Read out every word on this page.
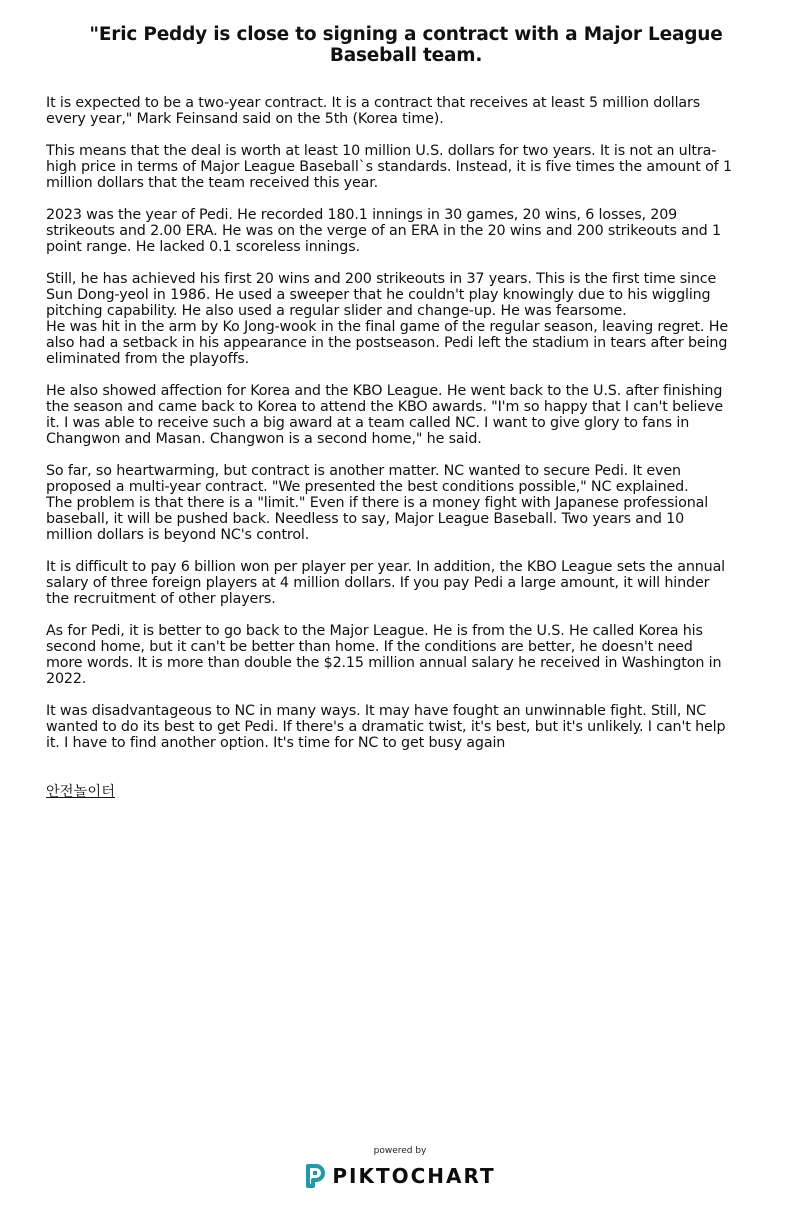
"Eric Peddy is close to signing a contract with a Major League
Baseball team.

It is expected to be a two-year contract. It is a contract that receives at least 5 million dollars
every year," Mark Feinsand said on the 5th (Korea time).

This means that the deal is worth at least 10 million U.S. dollars for two years. It is not an ultra-
high price in terms of Major League Baseball`s standards. Instead, it is five times the amount of 1
million dollars that the team received this year.

2023 was the year of Pedi. He recorded 180.1 innings in 30 games, 20 wins, 6 losses, 209
strikeouts and 2.00 ERA. He was on the verge of an ERA in the 20 wins and 200 strikeouts and 1
point range. He lacked 0.1 scoreless innings.

Still, he has achieved his first 20 wins and 200 strikeouts in 37 years. This is the first time since
Sun Dong-yeol in 1986. He used a sweeper that he couldn't play knowingly due to his wiggling
pitching capability. He also used a regular slider and change-up. He was fearsome.
He was hit in the arm by Ko Jong-wook in the final game of the regular season, leaving regret. He
also had a setback in his appearance in the postseason. Pedi left the stadium in tears after being
eliminated from the playoffs.

He also showed affection for Korea and the KBO League. He went back to the U.S. after finishing
the season and came back to Korea to attend the KBO awards. "I'm so happy that I can't believe
it. I was able to receive such a big award at a team called NC. I want to give glory to fans in
Changwon and Masan. Changwon is a second home," he said.

So far, so heartwarming, but contract is another matter. NC wanted to secure Pedi. It even
proposed a multi-year contract. "We presented the best conditions possible," NC explained.
The problem is that there is a "limit." Even if there is a money fight with Japanese professional
baseball, it will be pushed back. Needless to say, Major League Baseball. Two years and 10
million dollars is beyond NC's control.

It is difficult to pay 6 billion won per player per year. In addition, the KBO League sets the annual
salary of three foreign players at 4 million dollars. If you pay Pedi a large amount, it will hinder
the recruitment of other players.

As for Pedi, it is better to go back to the Major League. He is from the U.S. He called Korea his
second home, but it can't be better than home. If the conditions are better, he doesn't need
more words. It is more than double the $2.15 million annual salary he received in Washington in
2022.

It was disadvantageous to NC in many ways. It may have fought an unwinnable fight. Still, NC
wanted to do its best to get Pedi. If there's a dramatic twist, it's best, but it's unlikely. I can't help
it. I have to find another option. It's time for NC to get busy again

안전놀이터
powered by
PIKTOCHART
